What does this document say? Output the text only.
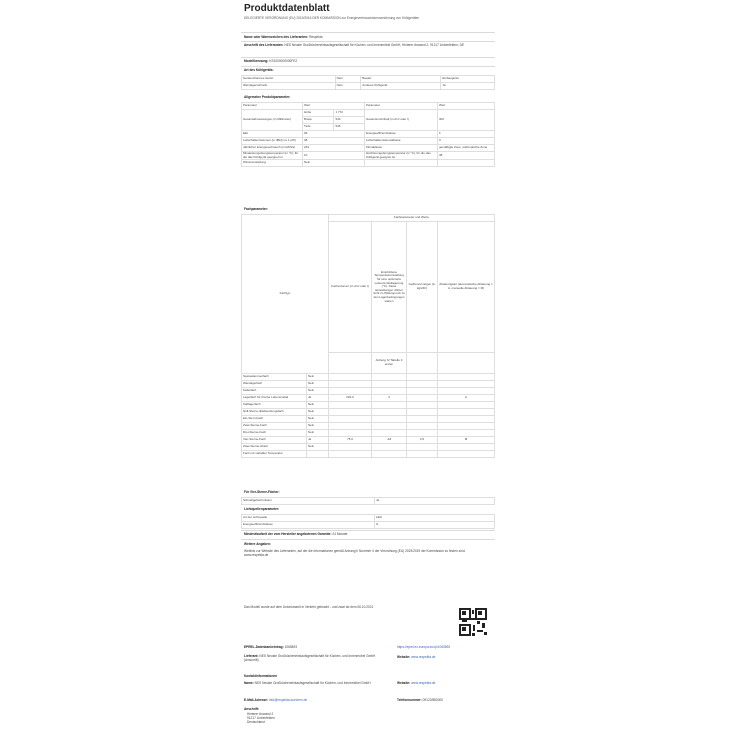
Produktdatenblatt
DELEGIERTE VERORDNUNG (EU) 2019/2016 DER KOMMISSION zur Energieverbrauchskennzeichnung von Kühlgeräten
Name oder Warenzeichen des Lieferanten: Respekta
Anschrift des Lieferanten: NES Neuste Großkücheneinkaufsgesellschaft für Küchen- und Innenmöbel GmbH, Hinterer Anwand 2, 91217 Linkenfelden, DE
Modellkennung: KS1000000000FE2
Art des Kühlgeräts:
Geräuscharmes Gerät:	Nein	Bauart:	Einbaugerät
Weinlagerschrank:	Nein	Anderes Kühlgerät:	Ja
Allgemeine Produktparameter:
Parameter	Wert		Parameter	Wert
Gesamtabmessungen (in Millimeter)	Höhe	1 772	Gesamtnutzinhalt (in dm³ oder l)	302
	Breite	540		
	Tiefe	545		
EEI	99		Energieeffizienzklasse	F
Luftschallemissionen (in dB(A) re 1 pW)	38		Luftschallemissionsklasse	C
Jährlicher Energieverbrauch (in kWh/a)	243		Klimaklasse	gemäßigte Zone; subtropische Zone
Mindestumgebungstemperatur (in °C), für die das Kühlgerät geeignet ist	10		Höchstumgebungstemperatur (in °C), für die das Kühlgerät geeignet ist	38
Wintereinstellung	Nein			
Fachparameter:
Fachtyp		Fachparameter und Werte			
		Fachvolumen (in dm³ oder l)	Empfohlene Temperatureinstellung für eine optimierte Lebensmittellagerung (°C). Diese Einstellungen dürfen nicht im Widerspruch zu den Lagerbedingungen stehen	Gefriervermögen (in kg/24h)	Abtauungsart (automatische Abtauung = A, manuelle Abtauung = M)
			Anhang IV Tabelle 3 ersten		
Speisekammerfach	Nein				
Weinlagerfach	Nein				
Kellerfach	Nein				
Lagerfach für frische Lebensmittel	Ja	202,0	4		A
Kaltlagerfach	Nein				
Null-Sterne-/Eisbereitungsfach	Nein				
Ein-Stern-Fach	Nein				
Zwei-Sterne-Fach	Nein				
Drei-Sterne-Fach	Nein				
Vier-Sterne-Fach	Ja	75,0	-18	3,5	M
Zwei-Sterne-Abteil	Nein				
Fach mit variabler Temperatur					
Für Vier-Sterne-Fächer:
Schnellgefrierfunktion	Ja
Lichtquellenparameter:
Art der Lichtquelle	LED
Energieeffizienzklasse	G
Mindestlaufzeit der vom Hersteller angebotenen Garantie: 24 Monate
Weitere Angaben:
Weblink zur Website des Lieferanten, auf der die Informationen gemäß Anhang II Nummer 4 der Verordnung (EU) 2019/2019 der Kommission zu finden sind: www.respekta.de
Das Modell wurde auf dem Unionsmarkt in Verkehr gebracht - und zwar ab dem 06.10.2021
EPREL-Datenbankeintrag: 1065893	https://eprel.ec.europa.eu/qr/1065893
Lieferant: NES Neuste Großkücheneinkaufsgesellschaft für Küchen- und Innenmöbel GmbH (Anschrift)
Website: www.respekta.de
Kontaktinformationen
Name: NES Neuste Großkücheneinkaufsgesellschaft für Küchen- und Innenmöbel GmbH	Website: www.respekta.de
E-Mail-Adresse: info@respekta-kuechen.de	Telefonnummer: 09122/880000
Anschrift:
Hinterer Anwand 2
91217 Linkenfelden
Deutschland
